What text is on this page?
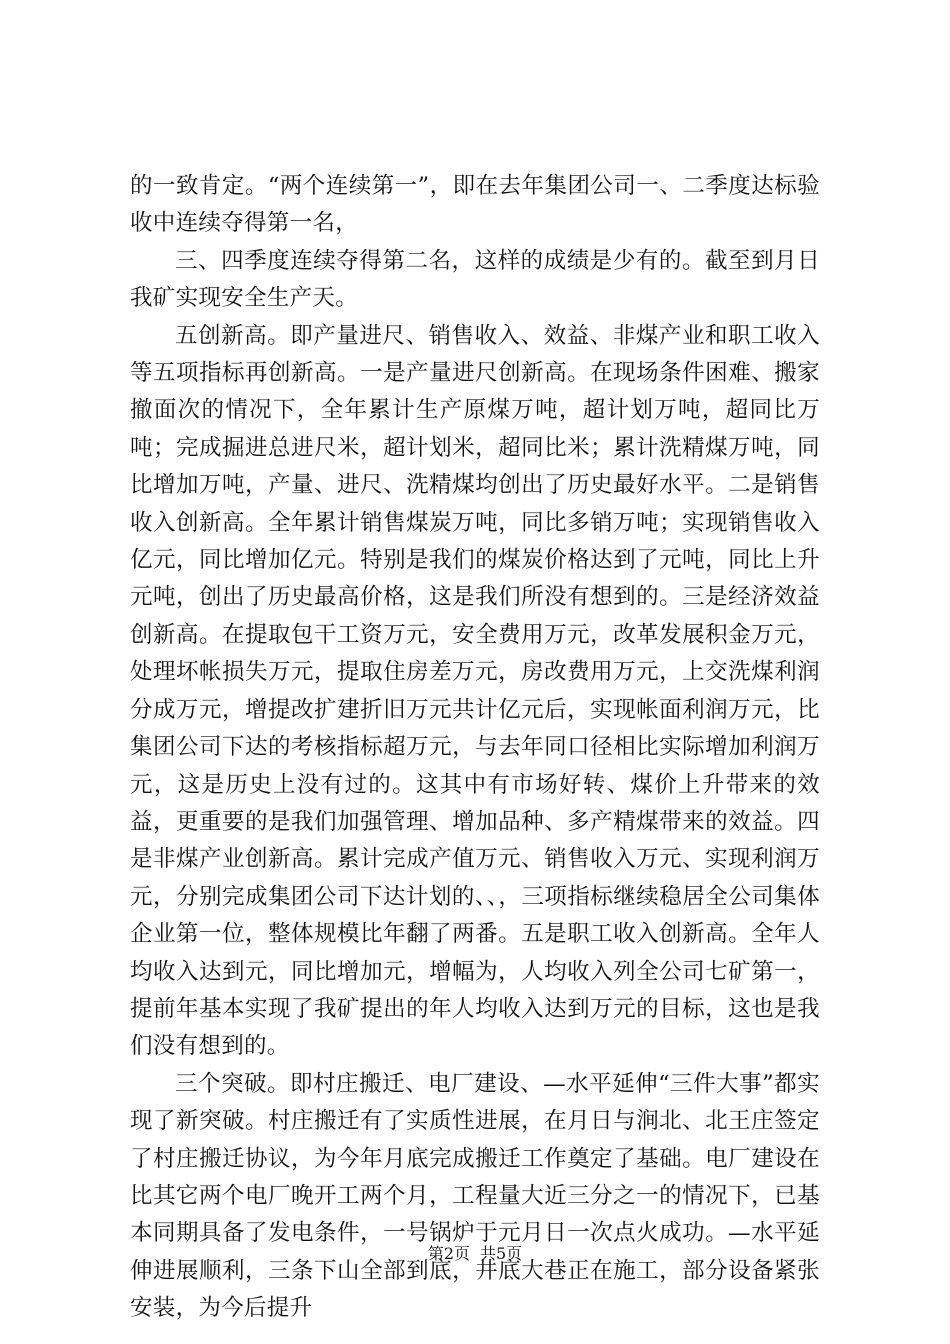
的一致肯定。“两个连续第一”，即在去年集团公司一、二季度达标验收中连续夺得第一名，

三、四季度连续夺得第二名，这样的成绩是少有的。截至到月日我矿实现安全生产天。

五创新高。即产量进尺、销售收入、效益、非煤产业和职工收入等五项指标再创新高。一是产量进尺创新高。在现场条件困难、搬家撤面次的情况下，全年累计生产原煤万吨，超计划万吨，超同比万吨；完成掘进总进尺米，超计划米，超同比米；累计洗精煤万吨，同比增加万吨，产量、进尺、洗精煤均创出了历史最好水平。二是销售收入创新高。全年累计销售煤炭万吨，同比多销万吨；实现销售收入亿元，同比增加亿元。特别是我们的煤炭价格达到了元吨，同比上升元吨，创出了历史最高价格，这是我们所没有想到的。三是经济效益创新高。在提取包干工资万元，安全费用万元，改革发展积金万元，处理坏帐损失万元，提取住房差万元，房改费用万元，上交洗煤利润分成万元，增提改扩建折旧万元共计亿元后，实现帐面利润万元，比集团公司下达的考核指标超万元，与去年同口径相比实际增加利润万元，这是历史上没有过的。这其中有市场好转、煤价上升带来的效益，更重要的是我们加强管理、增加品种、多产精煤带来的效益。四是非煤产业创新高。累计完成产值万元、销售收入万元、实现利润万元，分别完成集团公司下达计划的、、，三项指标继续稳居全公司集体企业第一位，整体规模比年翻了两番。五是职工收入创新高。全年人均收入达到元，同比增加元，增幅为，人均收入列全公司七矿第一，提前年基本实现了我矿提出的年人均收入达到万元的目标，这也是我们没有想到的。

三个突破。即村庄搬迁、电厂建设、—水平延伸“三件大事”都实现了新突破。村庄搬迁有了实质性进展，在月日与涧北、北王庄签定了村庄搬迁协议，为今年月底完成搬迁工作奠定了基础。电厂建设在比其它两个电厂晚开工两个月，工程量大近三分之一的情况下，已基本同期具备了发电条件，一号锅炉于元月日一次点火成功。—水平延伸进展顺利，三条下山全部到底，井底大巷正在施工，部分设备紧张安装，为今后提升

第2页 共5页
